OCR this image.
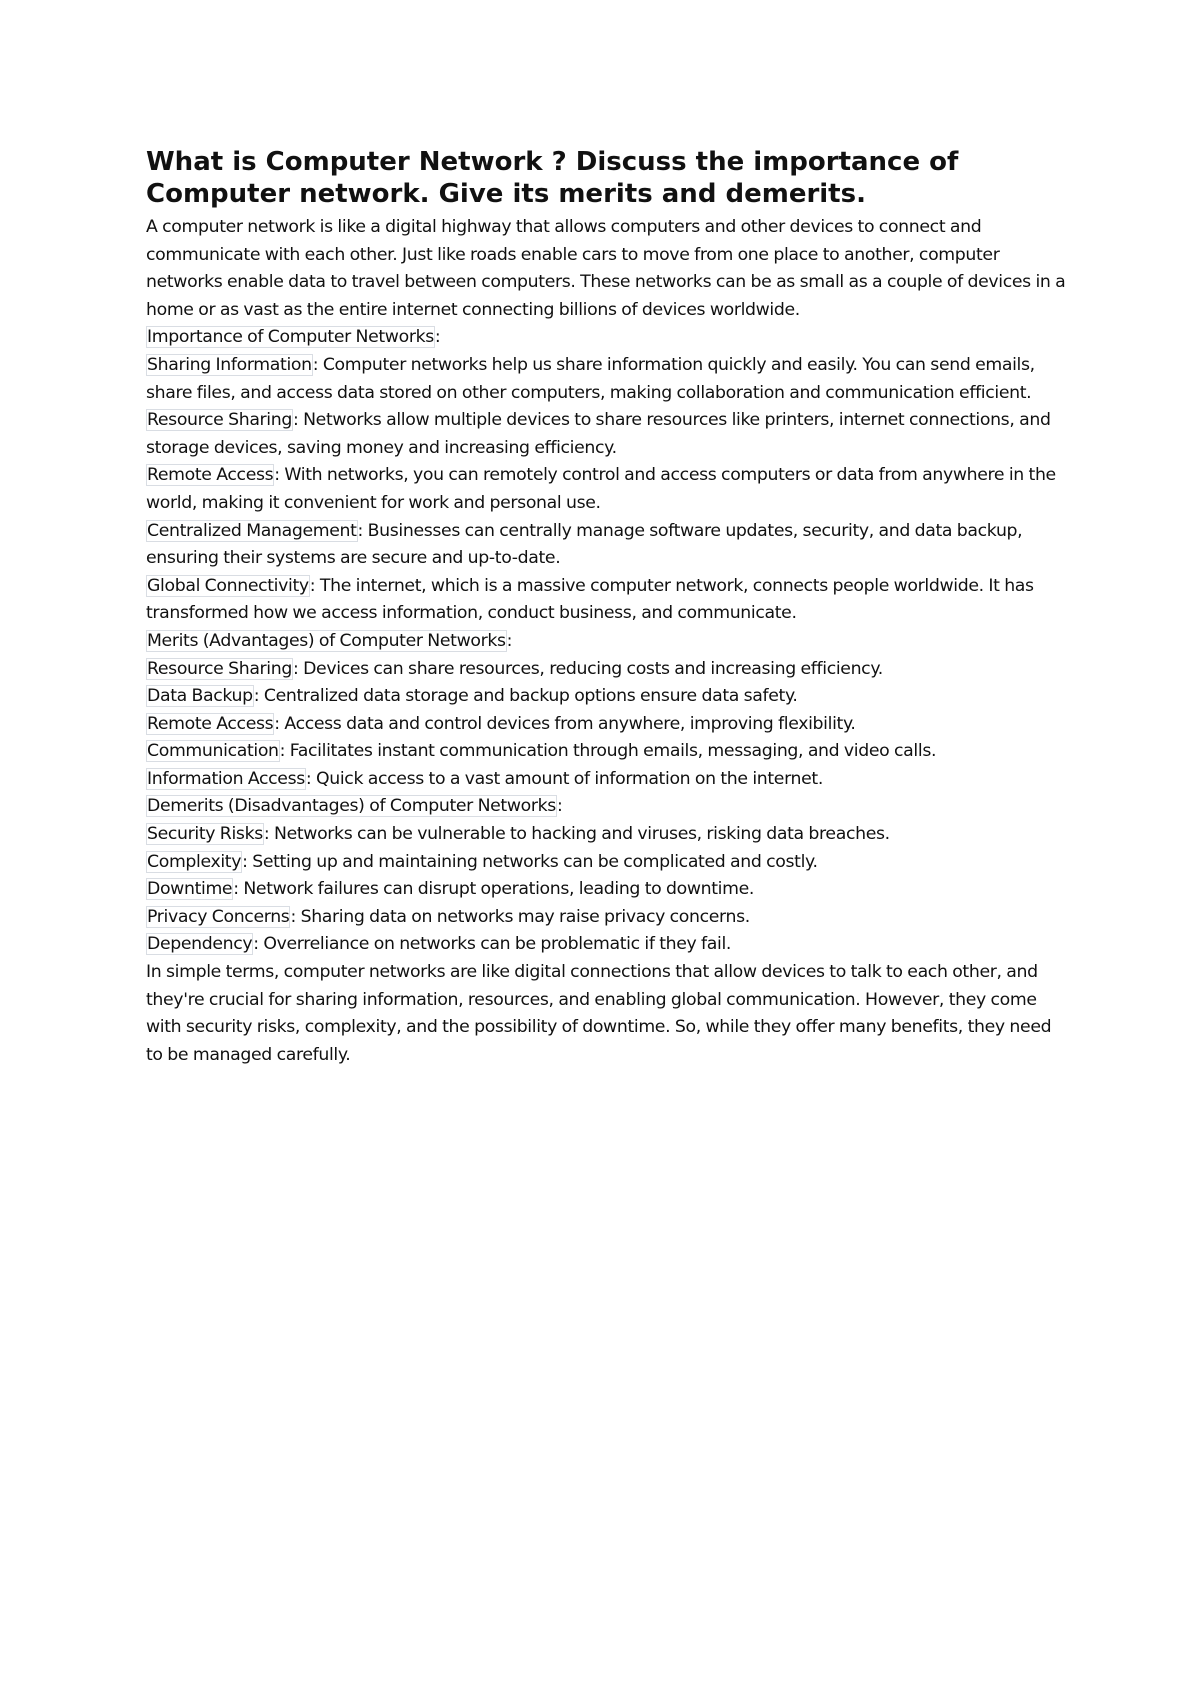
What is Computer Network ? Discuss the importance of Computer network. Give its merits and demerits.

A computer network is like a digital highway that allows computers and other devices to connect and communicate with each other. Just like roads enable cars to move from one place to another, computer networks enable data to travel between computers. These networks can be as small as a couple of devices in a home or as vast as the entire internet connecting billions of devices worldwide.

Importance of Computer Networks:

Sharing Information: Computer networks help us share information quickly and easily. You can send emails, share files, and access data stored on other computers, making collaboration and communication efficient.

Resource Sharing: Networks allow multiple devices to share resources like printers, internet connections, and storage devices, saving money and increasing efficiency.

Remote Access: With networks, you can remotely control and access computers or data from anywhere in the world, making it convenient for work and personal use.

Centralized Management: Businesses can centrally manage software updates, security, and data backup, ensuring their systems are secure and up-to-date.

Global Connectivity: The internet, which is a massive computer network, connects people worldwide. It has transformed how we access information, conduct business, and communicate.

Merits (Advantages) of Computer Networks:

Resource Sharing: Devices can share resources, reducing costs and increasing efficiency.

Data Backup: Centralized data storage and backup options ensure data safety.

Remote Access: Access data and control devices from anywhere, improving flexibility.

Communication: Facilitates instant communication through emails, messaging, and video calls.

Information Access: Quick access to a vast amount of information on the internet.

Demerits (Disadvantages) of Computer Networks:

Security Risks: Networks can be vulnerable to hacking and viruses, risking data breaches.

Complexity: Setting up and maintaining networks can be complicated and costly.

Downtime: Network failures can disrupt operations, leading to downtime.

Privacy Concerns: Sharing data on networks may raise privacy concerns.

Dependency: Overreliance on networks can be problematic if they fail.

In simple terms, computer networks are like digital connections that allow devices to talk to each other, and they're crucial for sharing information, resources, and enabling global communication. However, they come with security risks, complexity, and the possibility of downtime. So, while they offer many benefits, they need to be managed carefully.
